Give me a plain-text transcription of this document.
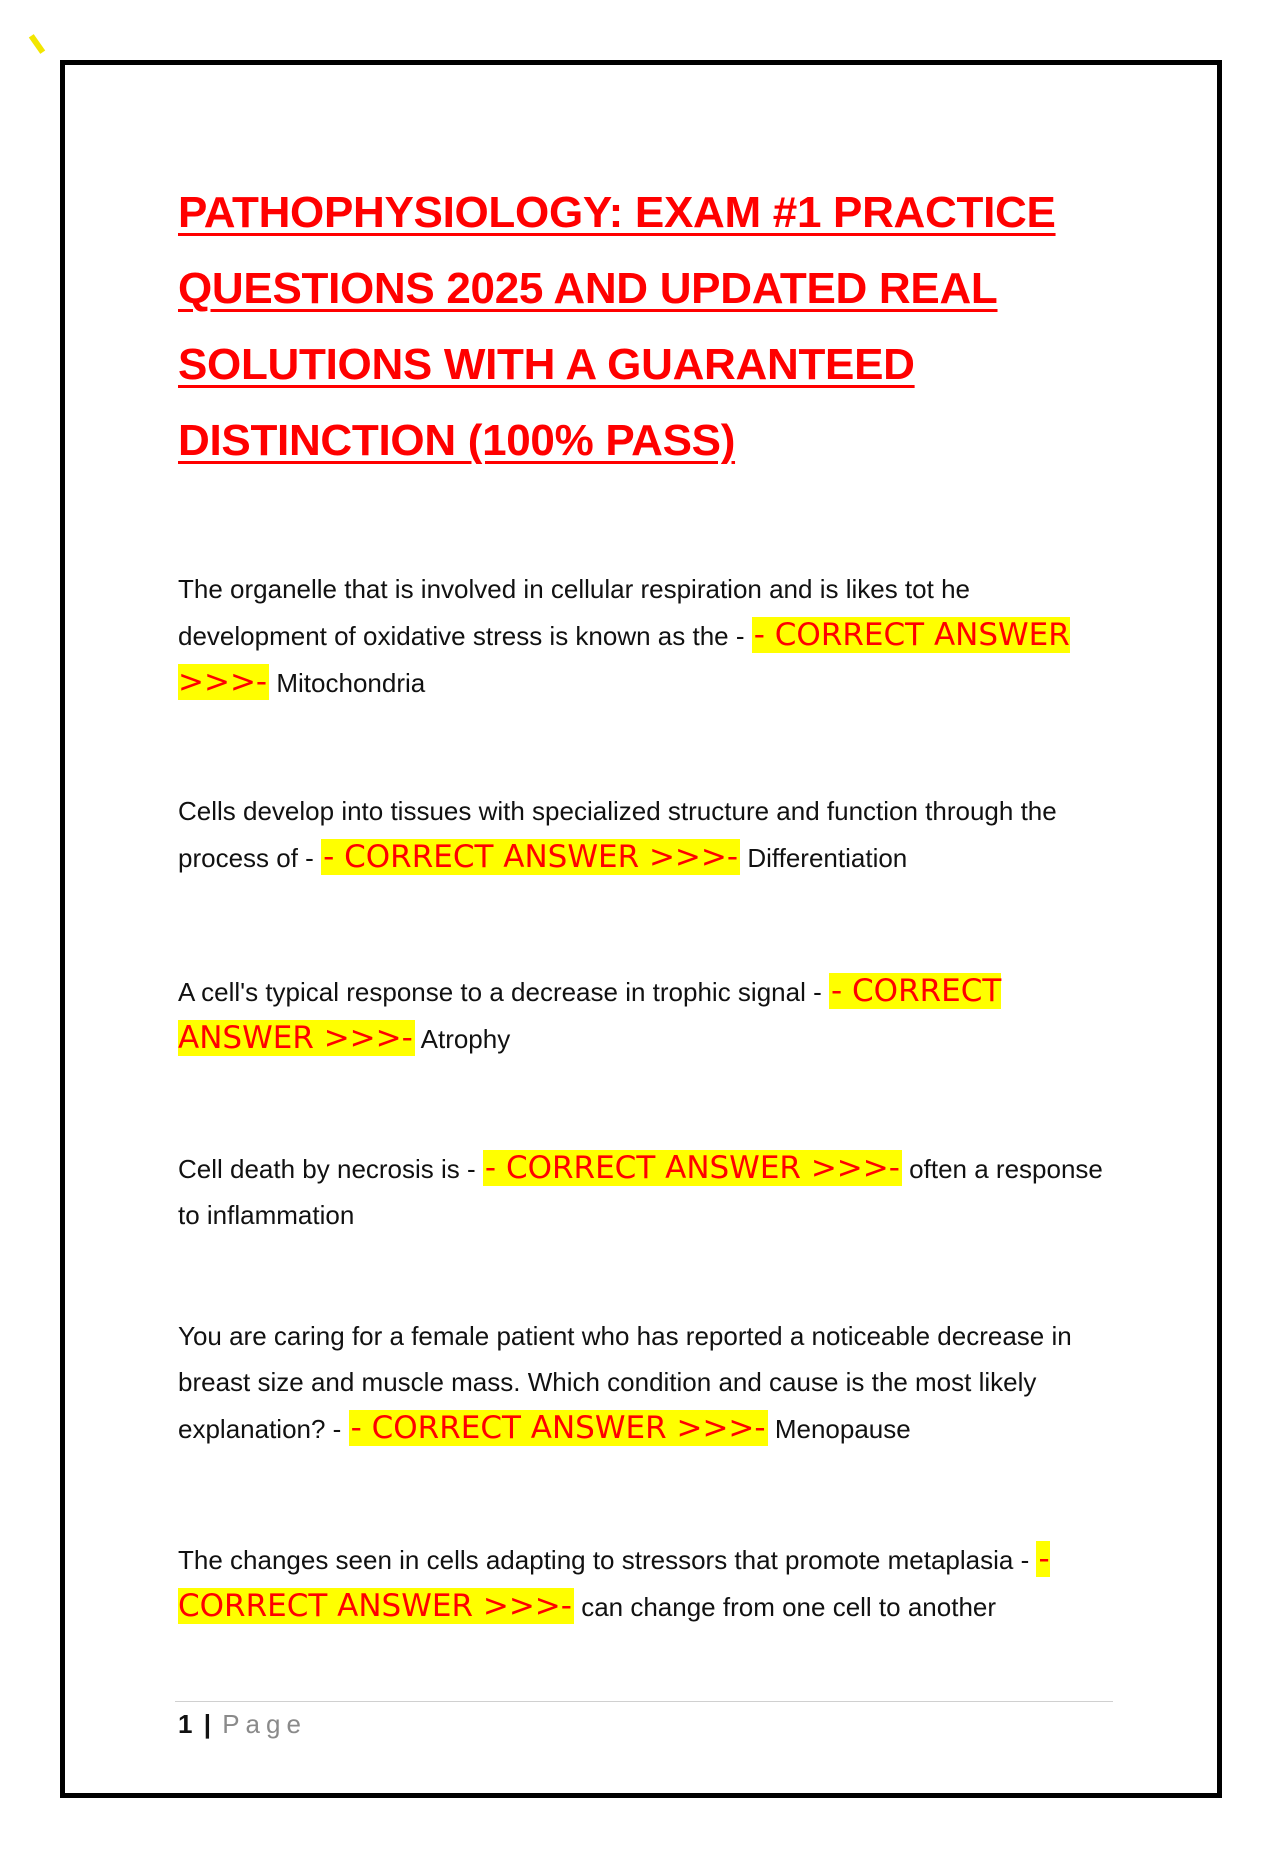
PATHOPHYSIOLOGY: EXAM #1 PRACTICE QUESTIONS 2025 AND UPDATED REAL SOLUTIONS WITH A GUARANTEED DISTINCTION (100% PASS)

The organelle that is involved in cellular respiration and is likes tot he development of oxidative stress is known as the - - CORRECT ANSWER >>>- Mitochondria

Cells develop into tissues with specialized structure and function through the process of - - CORRECT ANSWER >>>- Differentiation

A cell's typical response to a decrease in trophic signal - - CORRECT ANSWER >>>- Atrophy

Cell death by necrosis is - - CORRECT ANSWER >>>- often a response to inflammation

You are caring for a female patient who has reported a noticeable decrease in breast size and muscle mass. Which condition and cause is the most likely explanation? - - CORRECT ANSWER >>>- Menopause

The changes seen in cells adapting to stressors that promote metaplasia - - CORRECT ANSWER >>>- can change from one cell to another

1 | Page
